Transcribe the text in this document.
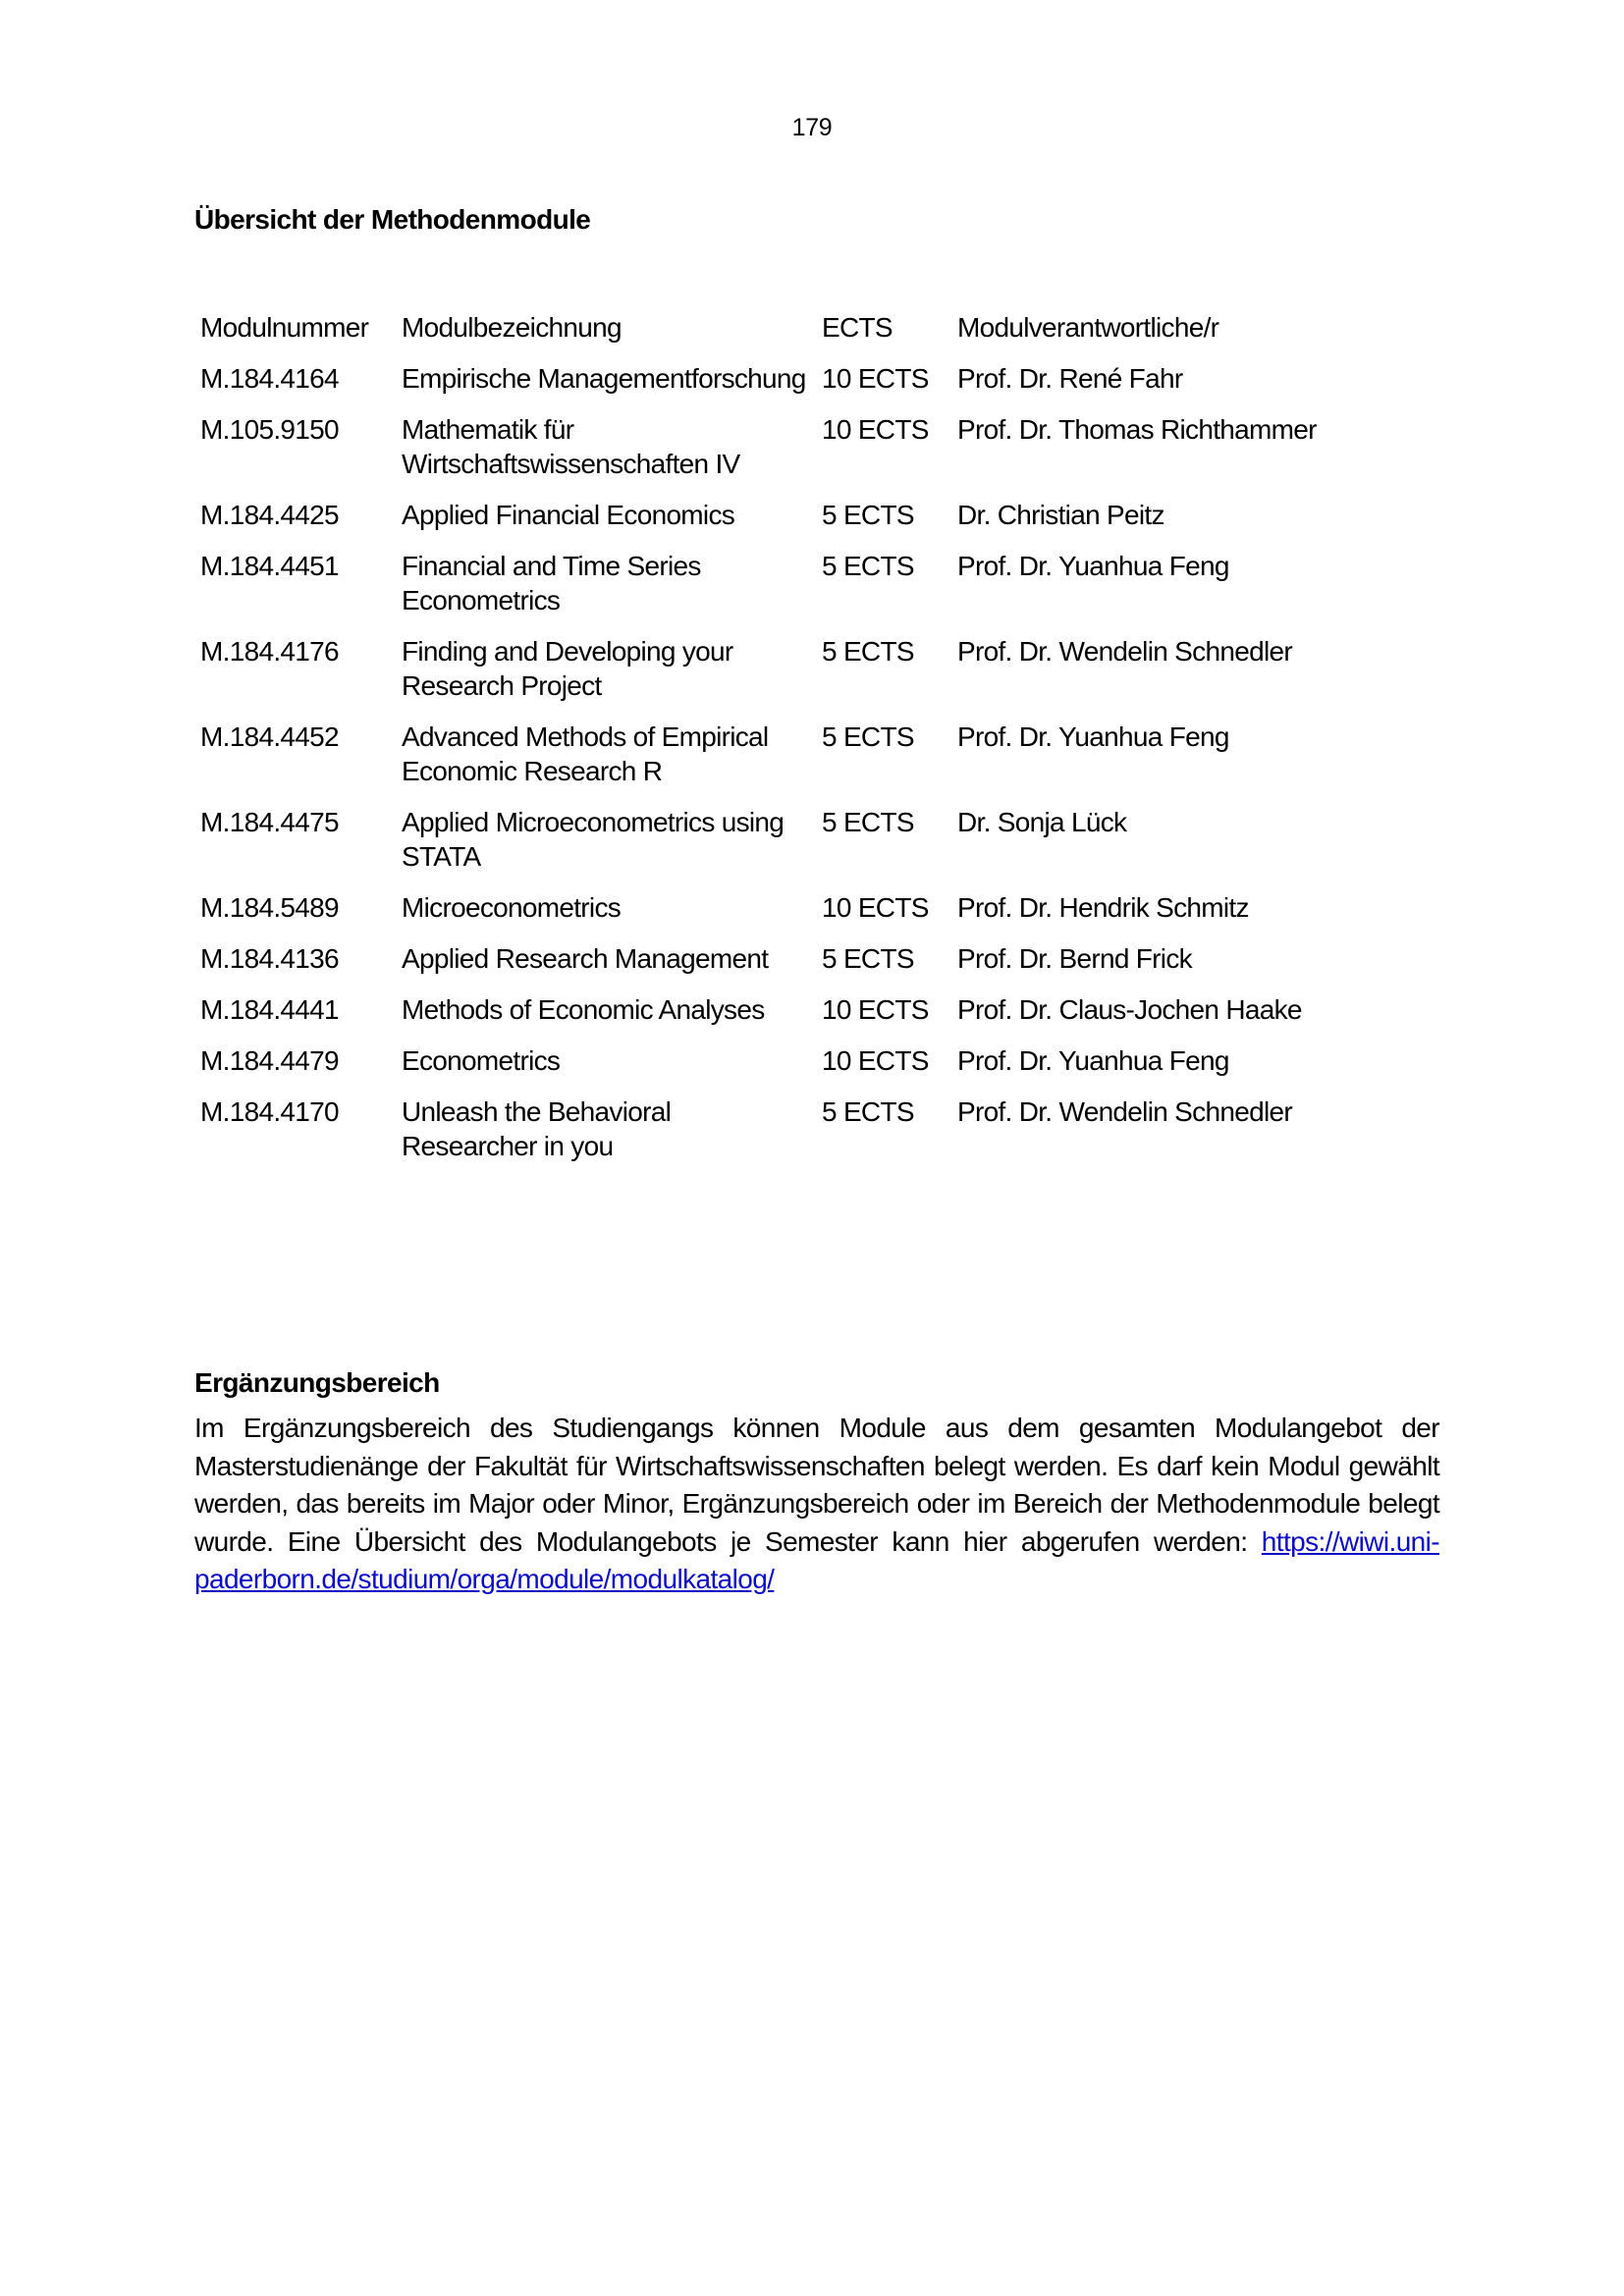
179
Übersicht der Methodenmodule
Modulnummer	Modulbezeichnung	ECTS	Modulverantwortliche/r
M.184.4164	Empirische Managementforschung	10 ECTS	Prof. Dr. René Fahr
M.105.9150	Mathematik für Wirtschaftswissenschaften IV	10 ECTS	Prof. Dr. Thomas Richthammer
M.184.4425	Applied Financial Economics	5 ECTS	Dr. Christian Peitz
M.184.4451	Financial and Time Series Econometrics	5 ECTS	Prof. Dr. Yuanhua Feng
M.184.4176	Finding and Developing your Research Project	5 ECTS	Prof. Dr. Wendelin Schnedler
M.184.4452	Advanced Methods of Empirical Economic Research R	5 ECTS	Prof. Dr. Yuanhua Feng
M.184.4475	Applied Microeconometrics using STATA	5 ECTS	Dr. Sonja Lück
M.184.5489	Microeconometrics	10 ECTS	Prof. Dr. Hendrik Schmitz
M.184.4136	Applied Research Management	5 ECTS	Prof. Dr. Bernd Frick
M.184.4441	Methods of Economic Analyses	10 ECTS	Prof. Dr. Claus-Jochen Haake
M.184.4479	Econometrics	10 ECTS	Prof. Dr. Yuanhua Feng
M.184.4170	Unleash the Behavioral Researcher in you	5 ECTS	Prof. Dr. Wendelin Schnedler
Ergänzungsbereich
Im Ergänzungsbereich des Studiengangs können Module aus dem gesamten Modulangebot der Masterstudienänge der Fakultät für Wirtschaftswissenschaften belegt werden. Es darf kein Modul gewählt werden, das bereits im Major oder Minor, Ergänzungsbereich oder im Bereich der Methodenmodule belegt wurde. Eine Übersicht des Modulangebots je Semester kann hier abgerufen werden: https://wiwi.uni-paderborn.de/studium/orga/module/modulkatalog/
